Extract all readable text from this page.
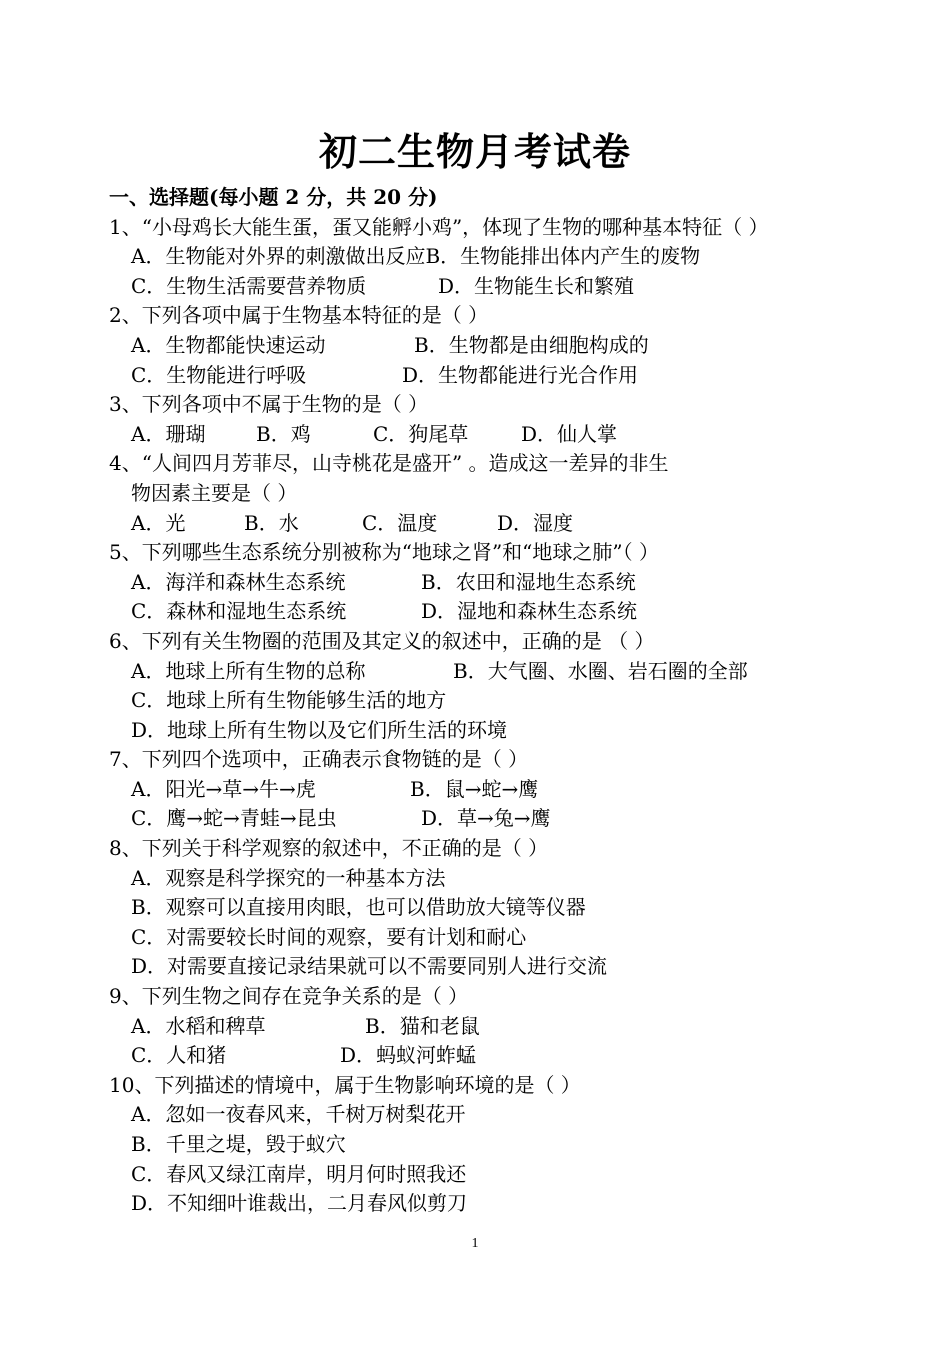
初二生物月考试卷
一、选择题(每小题 2 分，共 20 分)
1、“小母鸡长大能生蛋，蛋又能孵小鸡”，体现了生物的哪种基本特征（ ）
A．生物能对外界的刺激做出反应B．生物能排出体内产生的废物
C．生物生活需要营养物质	D．生物能生长和繁殖
2、下列各项中属于生物基本特征的是（ ）
A．生物都能快速运动	B．生物都是由细胞构成的
C．生物能进行呼吸	D．生物都能进行光合作用
3、下列各项中不属于生物的是（ ）
A．珊瑚	B．鸡	C．狗尾草	D．仙人掌
4、“人间四月芳菲尽，山寺桃花是盛开” 。造成这一差异的非生
物因素主要是（ ）
A．光	B．水	C．温度	D．湿度
5、下列哪些生态系统分别被称为“地球之肾”和“地球之肺”（ ）
A．海洋和森林生态系统	B．农田和湿地生态系统
C．森林和湿地生态系统	D．湿地和森林生态系统
6、下列有关生物圈的范围及其定义的叙述中，正确的是 （ ）
A．地球上所有生物的总称	B．大气圈、水圈、岩石圈的全部
C．地球上所有生物能够生活的地方
D．地球上所有生物以及它们所生活的环境
7、下列四个选项中，正确表示食物链的是（ ）
A．阳光→草→牛→虎	B．鼠→蛇→鹰
C．鹰→蛇→青蛙→昆虫	D．草→兔→鹰
8、下列关于科学观察的叙述中，不正确的是（ ）
A．观察是科学探究的一种基本方法
B．观察可以直接用肉眼，也可以借助放大镜等仪器
C．对需要较长时间的观察，要有计划和耐心
D．对需要直接记录结果就可以不需要同别人进行交流
9、下列生物之间存在竞争关系的是（ ）
A．水稻和稗草	B．猫和老鼠
C．人和猪	D．蚂蚁河蚱蜢
10、下列描述的情境中，属于生物影响环境的是（ ）
A．忽如一夜春风来，千树万树梨花开
B．千里之堤，毁于蚁穴
C．春风又绿江南岸，明月何时照我还
D．不知细叶谁裁出，二月春风似剪刀
1
